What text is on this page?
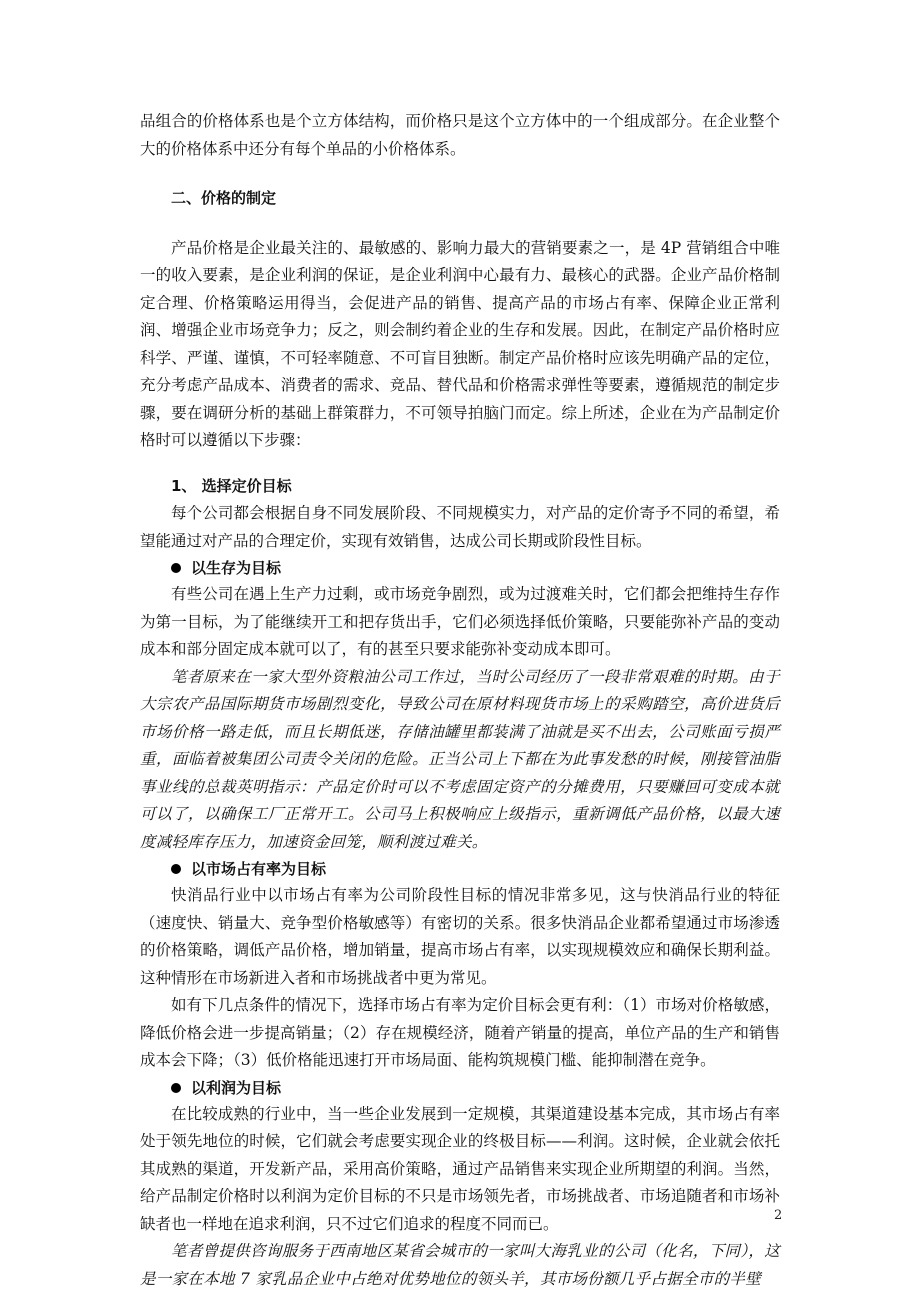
品组合的价格体系也是个立方体结构，而价格只是这个立方体中的一个组成部分。在企业整个大的价格体系中还分有每个单品的小价格体系。

二、价格的制定

产品价格是企业最关注的、最敏感的、影响力最大的营销要素之一，是 4P 营销组合中唯一的收入要素，是企业利润的保证，是企业利润中心最有力、最核心的武器。企业产品价格制定合理、价格策略运用得当，会促进产品的销售、提高产品的市场占有率、保障企业正常利润、增强企业市场竞争力；反之，则会制约着企业的生存和发展。因此，在制定产品价格时应科学、严谨、谨慎，不可轻率随意、不可盲目独断。制定产品价格时应该先明确产品的定位，充分考虑产品成本、消费者的需求、竞品、替代品和价格需求弹性等要素，遵循规范的制定步骤，要在调研分析的基础上群策群力，不可领导拍脑门而定。综上所述，企业在为产品制定价格时可以遵循以下步骤：

1、 选择定价目标

每个公司都会根据自身不同发展阶段、不同规模实力，对产品的定价寄予不同的希望，希望能通过对产品的合理定价，实现有效销售，达成公司长期或阶段性目标。

以生存为目标

有些公司在遇上生产力过剩，或市场竞争剧烈，或为过渡难关时，它们都会把维持生存作为第一目标，为了能继续开工和把存货出手，它们必须选择低价策略，只要能弥补产品的变动成本和部分固定成本就可以了，有的甚至只要求能弥补变动成本即可。

笔者原来在一家大型外资粮油公司工作过，当时公司经历了一段非常艰难的时期。由于大宗农产品国际期货市场剧烈变化，导致公司在原材料现货市场上的采购踏空，高价进货后市场价格一路走低，而且长期低迷，存储油罐里都装满了油就是买不出去，公司账面亏损严重，面临着被集团公司责令关闭的危险。正当公司上下都在为此事发愁的时候，刚接管油脂事业线的总裁英明指示：产品定价时可以不考虑固定资产的分摊费用，只要赚回可变成本就可以了，以确保工厂正常开工。公司马上积极响应上级指示，重新调低产品价格，以最大速度减轻库存压力，加速资金回笼，顺利渡过难关。

以市场占有率为目标

快消品行业中以市场占有率为公司阶段性目标的情况非常多见，这与快消品行业的特征（速度快、销量大、竞争型价格敏感等）有密切的关系。很多快消品企业都希望通过市场渗透的价格策略，调低产品价格，增加销量，提高市场占有率，以实现规模效应和确保长期利益。这种情形在市场新进入者和市场挑战者中更为常见。

如有下几点条件的情况下，选择市场占有率为定价目标会更有利：（1）市场对价格敏感，降低价格会进一步提高销量；（2）存在规模经济，随着产销量的提高，单位产品的生产和销售成本会下降；（3）低价格能迅速打开市场局面、能构筑规模门槛、能抑制潜在竞争。

以利润为目标

在比较成熟的行业中，当一些企业发展到一定规模，其渠道建设基本完成，其市场占有率处于领先地位的时候，它们就会考虑要实现企业的终极目标——利润。这时候，企业就会依托其成熟的渠道，开发新产品，采用高价策略，通过产品销售来实现企业所期望的利润。当然，给产品制定价格时以利润为定价目标的不只是市场领先者，市场挑战者、市场追随者和市场补缺者也一样地在追求利润，只不过它们追求的程度不同而已。

笔者曾提供咨询服务于西南地区某省会城市的一家叫大海乳业的公司（化名，下同），这是一家在本地 7 家乳品企业中占绝对优势地位的领头羊，其市场份额几乎占据全市的半壁

2
